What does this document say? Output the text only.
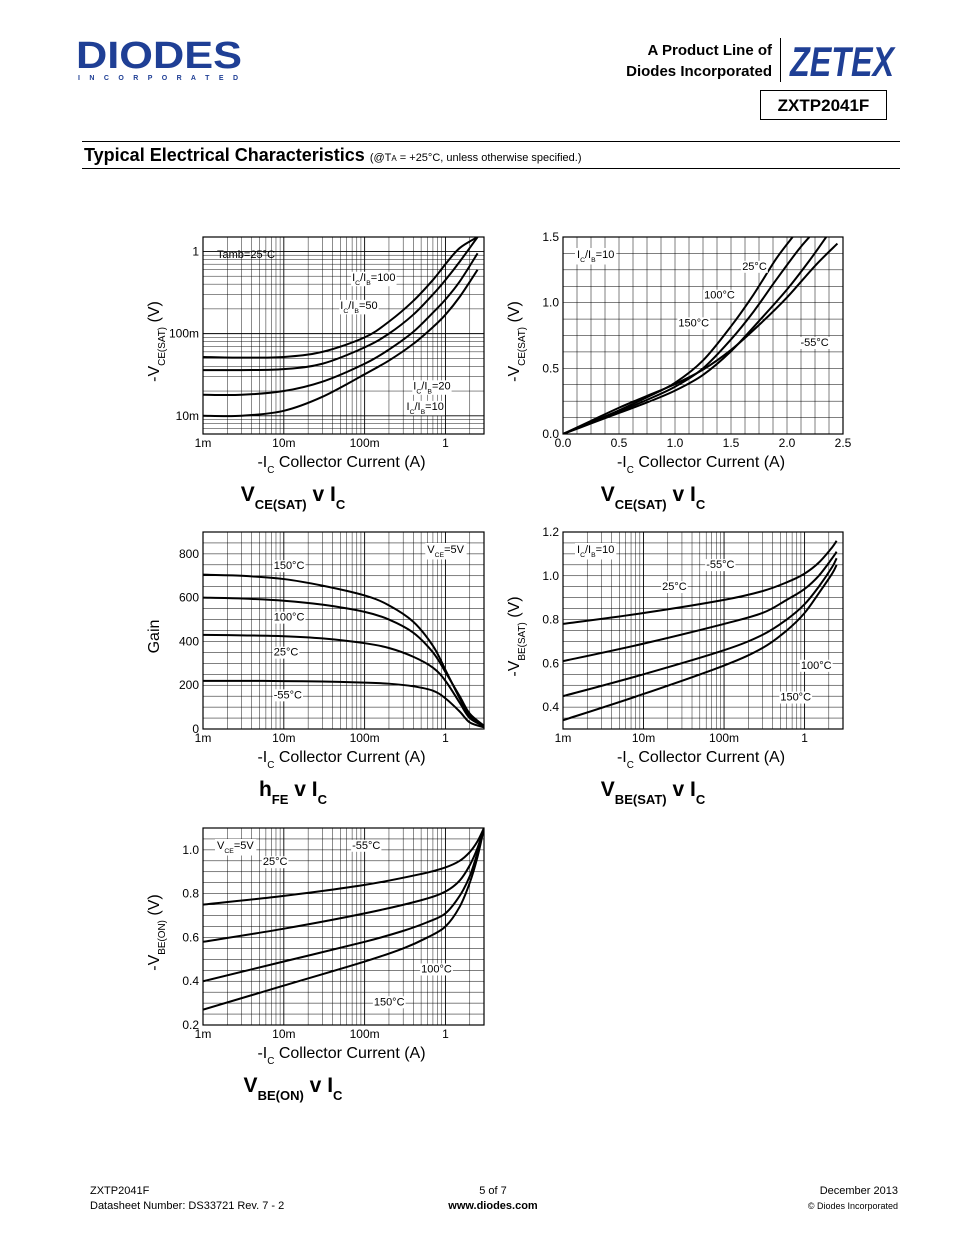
DIODES
I N C O R P O R A T E D
A Product Line of
Diodes Incorporated ZETEX
ZXTP2041F
Typical Electrical Characteristics (@TA = +25°C, unless otherwise specified.)
1m	10m	100m	1
10m
100m
1
$I_C/I_B=100$
$I_C/I_B=50$
$I_C/I_B=20$
$I_C/I_B=10$
Tamb=25°C
$-I_C$ Collector Current (A)
$-V_{CE(SAT)}$ (V)
$V_{CE(SAT)}$ v $I_C$
0.0	0.5	1.0	1.5	2.0	2.5
0.0
0.5
1.0
1.5
25°C
100°C
150°C
-55°C
$I_C/I_B=10$
$-I_C$ Collector Current (A)
$-V_{CE(SAT)}$ (V)
$V_{CE(SAT)}$ v $I_C$
1m	10m	100m	1
0
200
400
600
800
150°C
100°C
25°C
-55°C
$V_{CE}=5V$
$-I_C$ Collector Current (A)
Gain
$h_{FE}$ v $I_C$
1m	10m	100m	1
0.4
0.6
0.8
1.0
1.2
-55°C
25°C
100°C
150°C
$I_C/I_B=10$
$-I_C$ Collector Current (A)
$-V_{BE(SAT)}$ (V)
$V_{BE(SAT)}$ v $I_C$
1m	10m	100m	1
0.2
0.4
0.6
0.8
1.0	-55°C
25°C
100°C
150°C
$V_{CE}=5V$
$-I_C$ Collector Current (A)
$-V_{BE(ON)}$ (V)
$V_{BE(ON)}$ v $I_C$
ZXTP2041F
Datasheet Number: DS33721 Rev. 7 - 2
5 of 7
www.diodes.com
December 2013
© Diodes Incorporated
